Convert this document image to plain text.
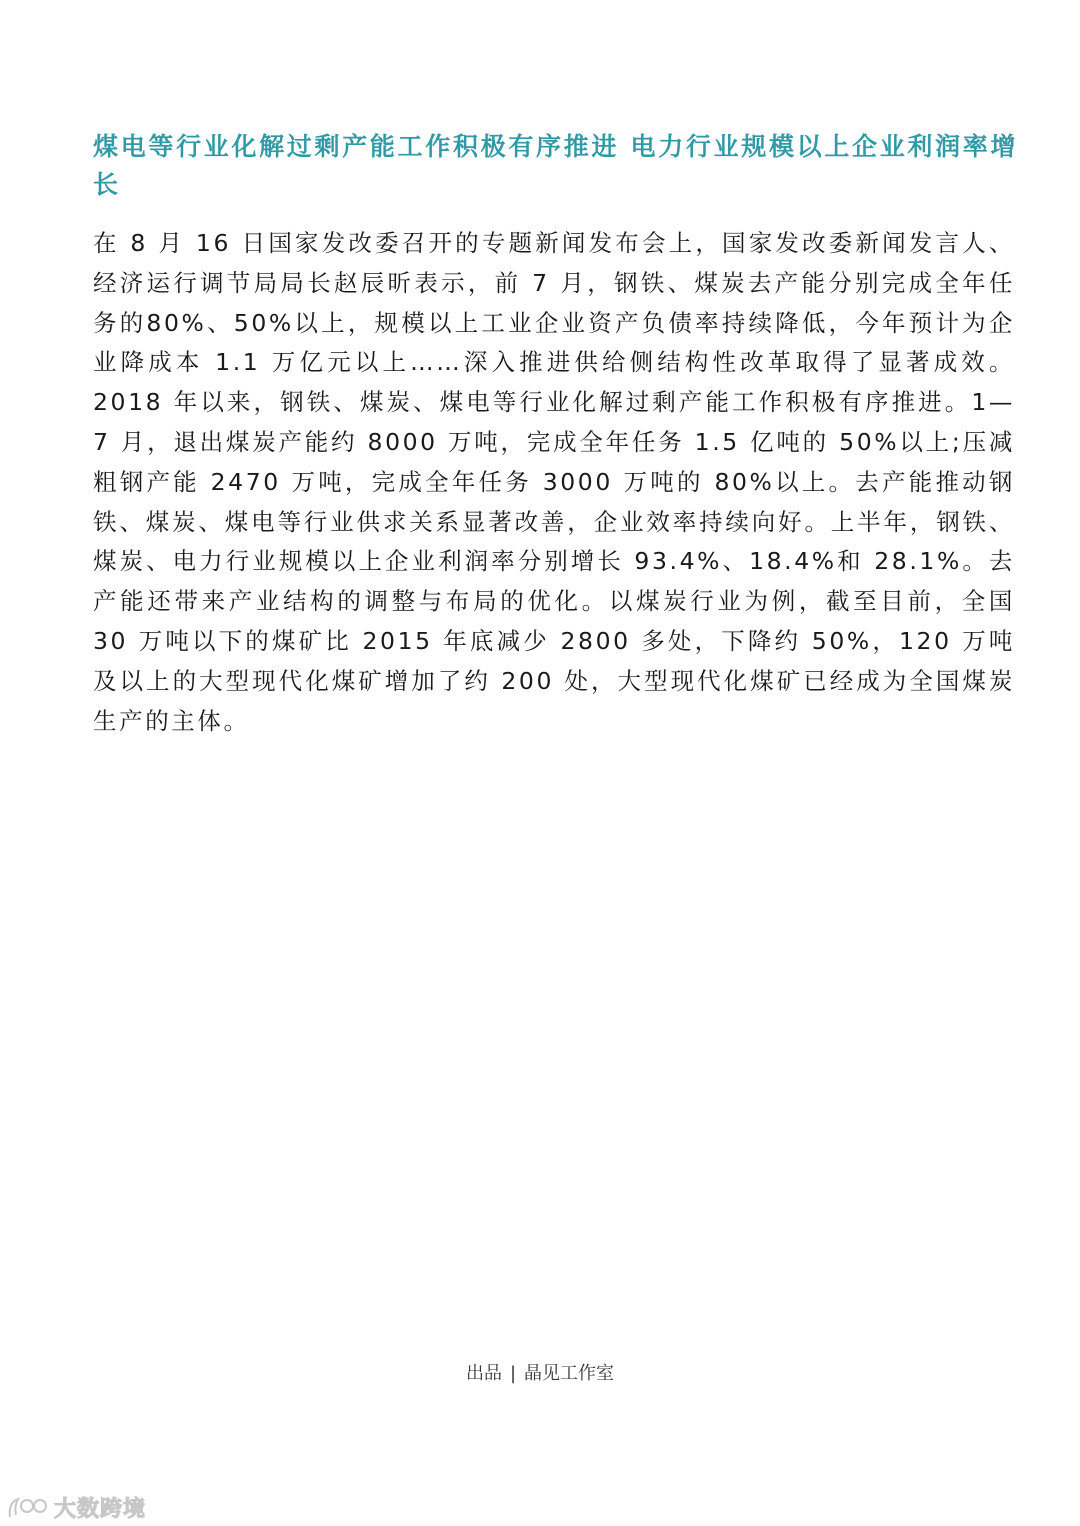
煤电等行业化解过剩产能工作积极有序推进 电力行业规模以上企业利润率增长

在 8 月 16 日国家发改委召开的专题新闻发布会上，国家发改委新闻发言人、经济运行调节局局长赵辰昕表示，前 7 月，钢铁、煤炭去产能分别完成全年任务的80%、50%以上，规模以上工业企业资产负债率持续降低，今年预计为企业降成本 1.1 万亿元以上……深入推进供给侧结构性改革取得了显著成效。2018 年以来，钢铁、煤炭、煤电等行业化解过剩产能工作积极有序推进。1—7 月，退出煤炭产能约 8000 万吨，完成全年任务 1.5 亿吨的 50%以上;压减粗钢产能 2470 万吨，完成全年任务 3000 万吨的 80%以上。去产能推动钢铁、煤炭、煤电等行业供求关系显著改善，企业效率持续向好。上半年，钢铁、煤炭、电力行业规模以上企业利润率分别增长 93.4%、18.4%和 28.1%。去产能还带来产业结构的调整与布局的优化。以煤炭行业为例，截至目前，全国 30 万吨以下的煤矿比 2015 年底减少 2800 多处，下降约 50%，120 万吨及以上的大型现代化煤矿增加了约 200 处，大型现代化煤矿已经成为全国煤炭生产的主体。

出品 | 晶见工作室
大数跨境
